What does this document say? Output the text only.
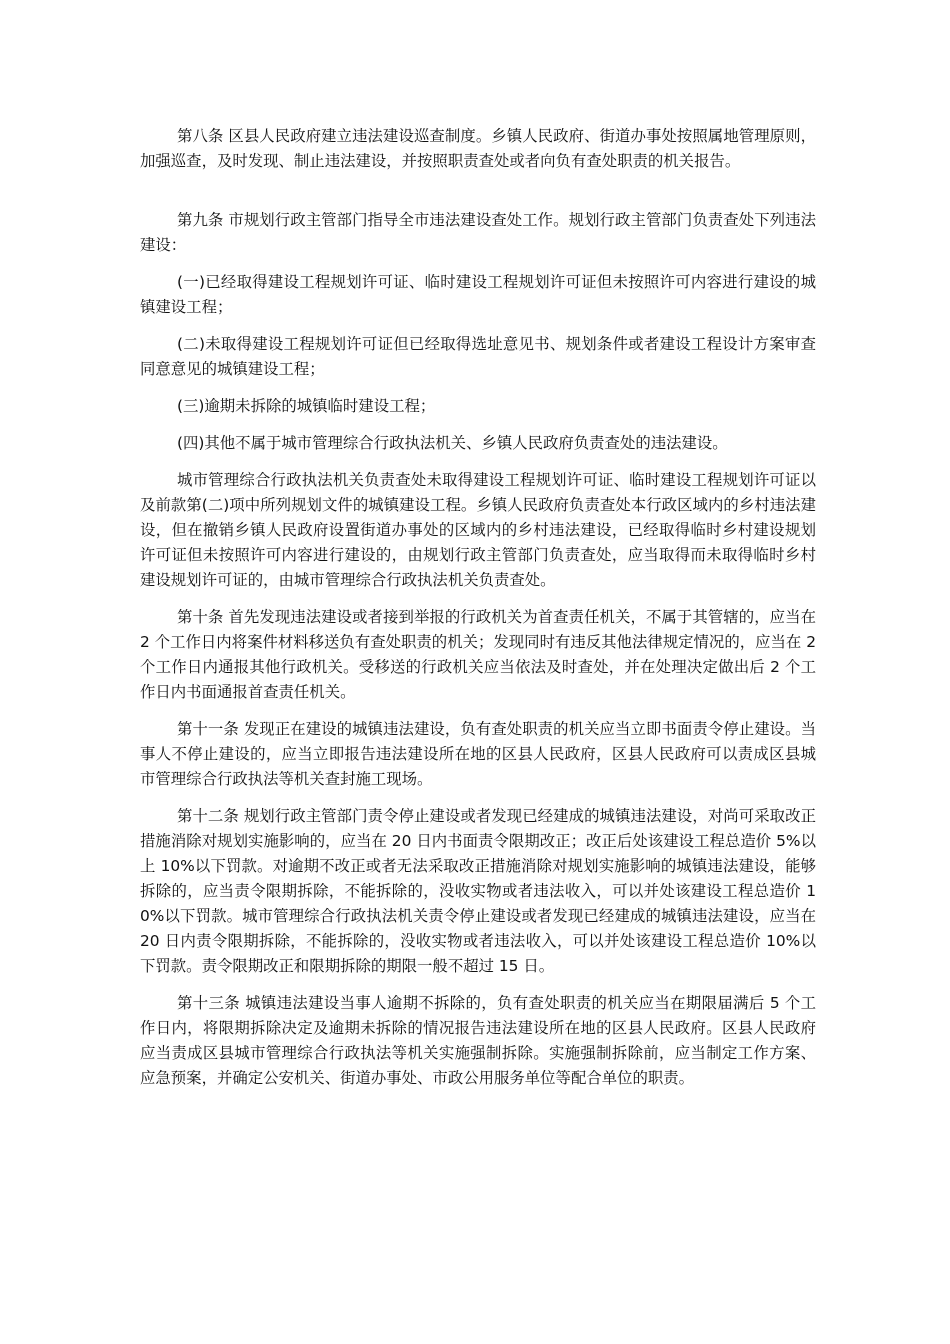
第八条 区县人民政府建立违法建设巡查制度。乡镇人民政府、街道办事处按照属地管理原则，加强巡查，及时发现、制止违法建设，并按照职责查处或者向负有查处职责的机关报告。

第九条 市规划行政主管部门指导全市违法建设查处工作。规划行政主管部门负责查处下列违法建设：

(一)已经取得建设工程规划许可证、临时建设工程规划许可证但未按照许可内容进行建设的城镇建设工程；

(二)未取得建设工程规划许可证但已经取得选址意见书、规划条件或者建设工程设计方案审查同意意见的城镇建设工程；

(三)逾期未拆除的城镇临时建设工程；

(四)其他不属于城市管理综合行政执法机关、乡镇人民政府负责查处的违法建设。

城市管理综合行政执法机关负责查处未取得建设工程规划许可证、临时建设工程规划许可证以及前款第(二)项中所列规划文件的城镇建设工程。乡镇人民政府负责查处本行政区域内的乡村违法建设，但在撤销乡镇人民政府设置街道办事处的区域内的乡村违法建设，已经取得临时乡村建设规划许可证但未按照许可内容进行建设的，由规划行政主管部门负责查处，应当取得而未取得临时乡村建设规划许可证的，由城市管理综合行政执法机关负责查处。

第十条 首先发现违法建设或者接到举报的行政机关为首查责任机关，不属于其管辖的，应当在 2 个工作日内将案件材料移送负有查处职责的机关；发现同时有违反其他法律规定情况的，应当在 2 个工作日内通报其他行政机关。受移送的行政机关应当依法及时查处，并在处理决定做出后 2 个工作日内书面通报首查责任机关。

第十一条 发现正在建设的城镇违法建设，负有查处职责的机关应当立即书面责令停止建设。当事人不停止建设的，应当立即报告违法建设所在地的区县人民政府，区县人民政府可以责成区县城市管理综合行政执法等机关查封施工现场。

第十二条 规划行政主管部门责令停止建设或者发现已经建成的城镇违法建设，对尚可采取改正措施消除对规划实施影响的，应当在 20 日内书面责令限期改正；改正后处该建设工程总造价 5%以上 10%以下罚款。对逾期不改正或者无法采取改正措施消除对规划实施影响的城镇违法建设，能够拆除的，应当责令限期拆除，不能拆除的，没收实物或者违法收入，可以并处该建设工程总造价 10%以下罚款。城市管理综合行政执法机关责令停止建设或者发现已经建成的城镇违法建设，应当在 20 日内责令限期拆除，不能拆除的，没收实物或者违法收入，可以并处该建设工程总造价 10%以下罚款。责令限期改正和限期拆除的期限一般不超过 15 日。

第十三条 城镇违法建设当事人逾期不拆除的，负有查处职责的机关应当在期限届满后 5 个工作日内，将限期拆除决定及逾期未拆除的情况报告违法建设所在地的区县人民政府。区县人民政府应当责成区县城市管理综合行政执法等机关实施强制拆除。实施强制拆除前，应当制定工作方案、应急预案，并确定公安机关、街道办事处、市政公用服务单位等配合单位的职责。
